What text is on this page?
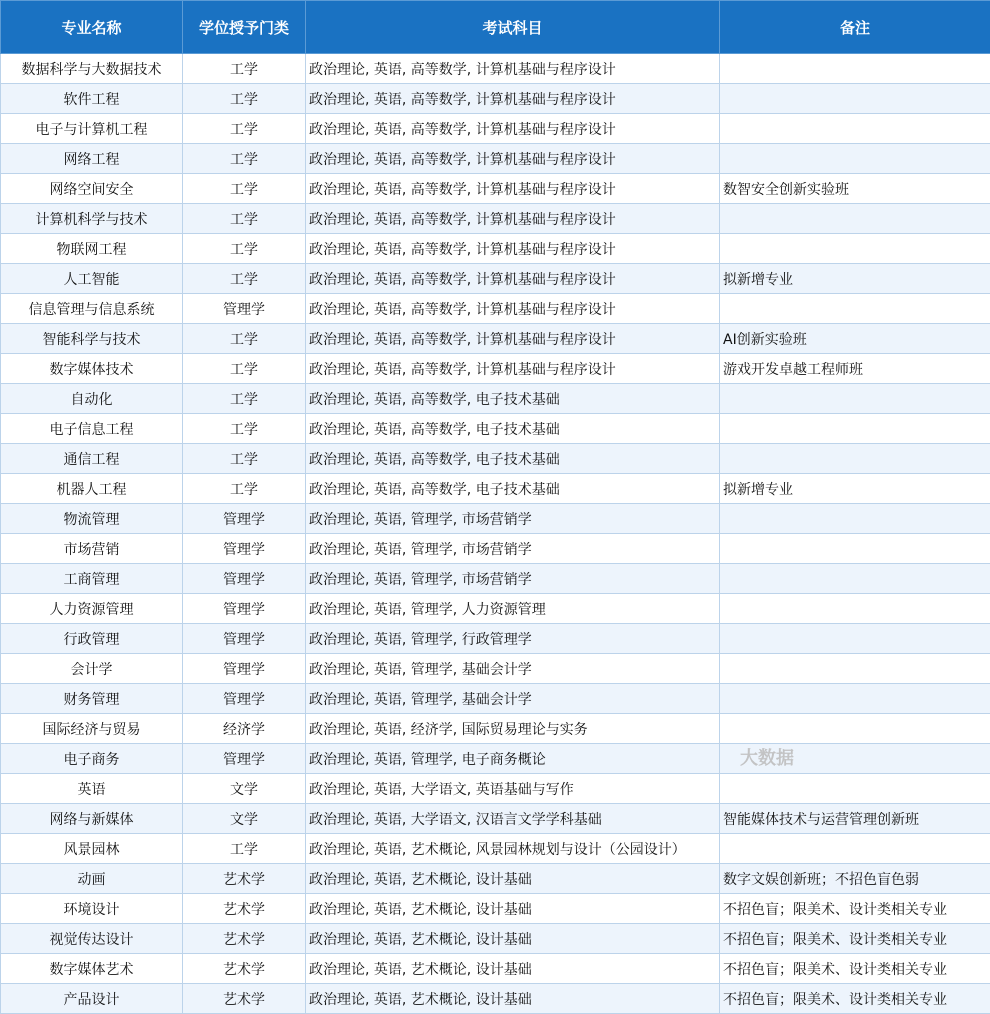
专业名称	学位授予门类	考试科目	备注
数据科学与大数据技术	工学	政治理论, 英语, 高等数学, 计算机基础与程序设计	
软件工程	工学	政治理论, 英语, 高等数学, 计算机基础与程序设计	
电子与计算机工程	工学	政治理论, 英语, 高等数学, 计算机基础与程序设计	
网络工程	工学	政治理论, 英语, 高等数学, 计算机基础与程序设计	
网络空间安全	工学	政治理论, 英语, 高等数学, 计算机基础与程序设计	数智安全创新实验班
计算机科学与技术	工学	政治理论, 英语, 高等数学, 计算机基础与程序设计	
物联网工程	工学	政治理论, 英语, 高等数学, 计算机基础与程序设计	
人工智能	工学	政治理论, 英语, 高等数学, 计算机基础与程序设计	拟新增专业
信息管理与信息系统	管理学	政治理论, 英语, 高等数学, 计算机基础与程序设计	
智能科学与技术	工学	政治理论, 英语, 高等数学, 计算机基础与程序设计	AI创新实验班
数字媒体技术	工学	政治理论, 英语, 高等数学, 计算机基础与程序设计	游戏开发卓越工程师班
自动化	工学	政治理论, 英语, 高等数学, 电子技术基础	
电子信息工程	工学	政治理论, 英语, 高等数学, 电子技术基础	
通信工程	工学	政治理论, 英语, 高等数学, 电子技术基础	
机器人工程	工学	政治理论, 英语, 高等数学, 电子技术基础	拟新增专业
物流管理	管理学	政治理论, 英语, 管理学, 市场营销学	
市场营销	管理学	政治理论, 英语, 管理学, 市场营销学	
工商管理	管理学	政治理论, 英语, 管理学, 市场营销学	
人力资源管理	管理学	政治理论, 英语, 管理学, 人力资源管理	
行政管理	管理学	政治理论, 英语, 管理学, 行政管理学	
会计学	管理学	政治理论, 英语, 管理学, 基础会计学	
财务管理	管理学	政治理论, 英语, 管理学, 基础会计学	
国际经济与贸易	经济学	政治理论, 英语, 经济学, 国际贸易理论与实务	
电子商务	管理学	政治理论, 英语, 管理学, 电子商务概论	
英语	文学	政治理论, 英语, 大学语文, 英语基础与写作	
网络与新媒体	文学	政治理论, 英语, 大学语文, 汉语言文学学科基础	智能媒体技术与运营管理创新班
风景园林	工学	政治理论, 英语, 艺术概论, 风景园林规划与设计（公园设计）	
动画	艺术学	政治理论, 英语, 艺术概论, 设计基础	数字文娱创新班；不招色盲色弱
环境设计	艺术学	政治理论, 英语, 艺术概论, 设计基础	不招色盲；限美术、设计类相关专业
视觉传达设计	艺术学	政治理论, 英语, 艺术概论, 设计基础	不招色盲；限美术、设计类相关专业
数字媒体艺术	艺术学	政治理论, 英语, 艺术概论, 设计基础	不招色盲；限美术、设计类相关专业
产品设计	艺术学	政治理论, 英语, 艺术概论, 设计基础	不招色盲；限美术、设计类相关专业
大数据
